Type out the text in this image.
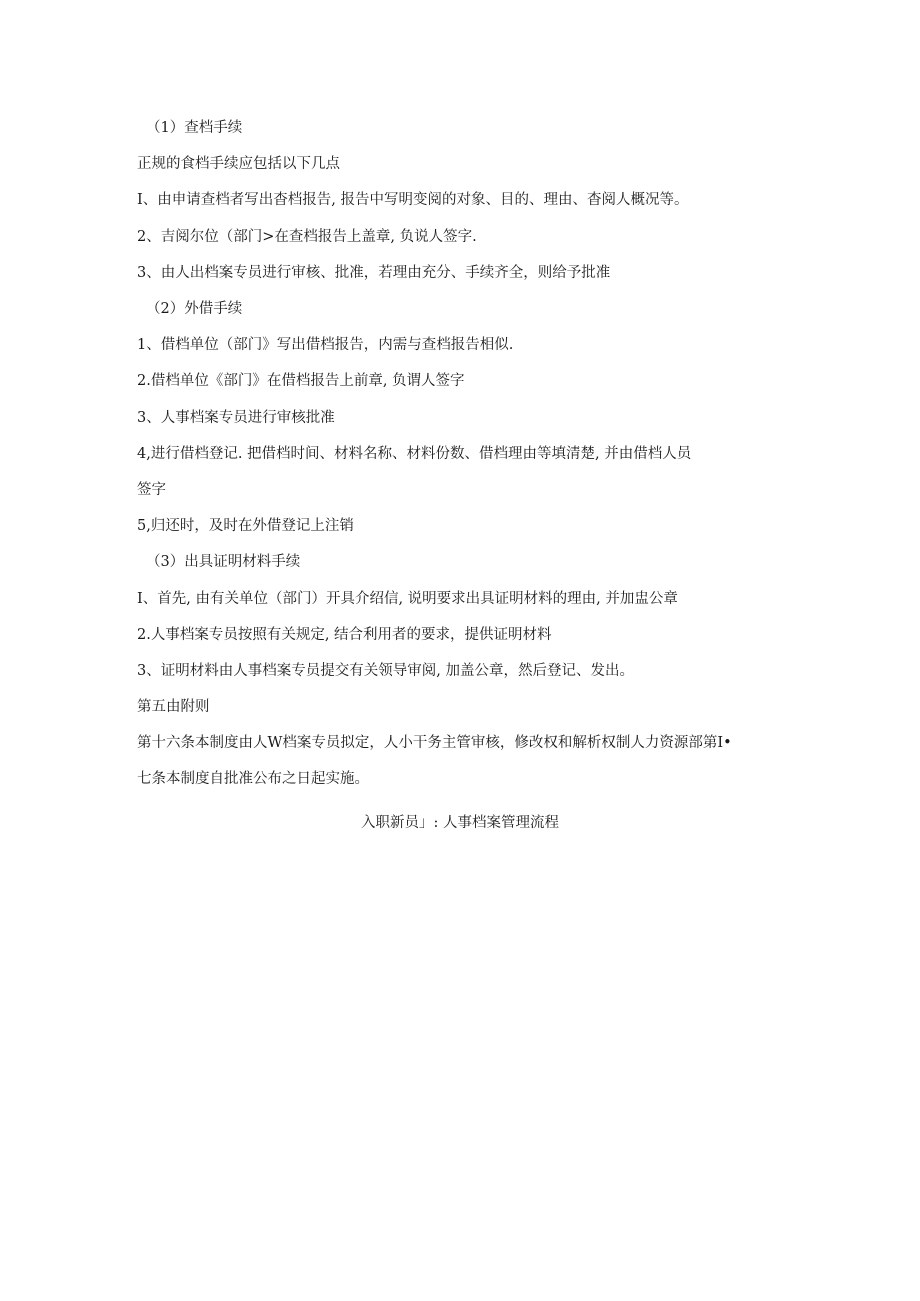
（1）查档手续
正规的食档手续应包括以下几点
I、由申请查档者写出杳档报告, 报告中写明变阅的对象、目的、理由、杳阅人概况等。
2、吉阅尔位（部门>在查档报告上盖章, 负说人签字.
3、由人出档案专员进行审核、批准，若理由充分、手续齐全，则给予批准
（2）外借手续
1、借档单位（部门》写出借档报告，内需与查档报告相似.
2.借档单位《部门》在借档报告上前章, 负谓人签字
3、人事档案专员进行审核批准
4,进行借档登记. 把借档时间、材料名称、材料份数、借档理由等填清楚, 并由借档人员
签字
5,归还时，及时在外借登记上注销
（3）出具证明材料手续
I、首先, 由有关单位（部门）开具介绍信, 说明要求出具证明材料的理由, 并加盅公章
2.人事档案专员按照有关规定, 结合利用者的要求，提供证明材料
3、证明材料由人事档案专员提交有关领导审阅, 加盖公章，然后登记、发出。
第五由附则
第十六条本制度由人W档案专员拟定，人小干务主管审核，修改权和解析权制人力资源部第I•
七条本制度自批准公布之日起实施。
入职新员」: 人事档案管理流程
